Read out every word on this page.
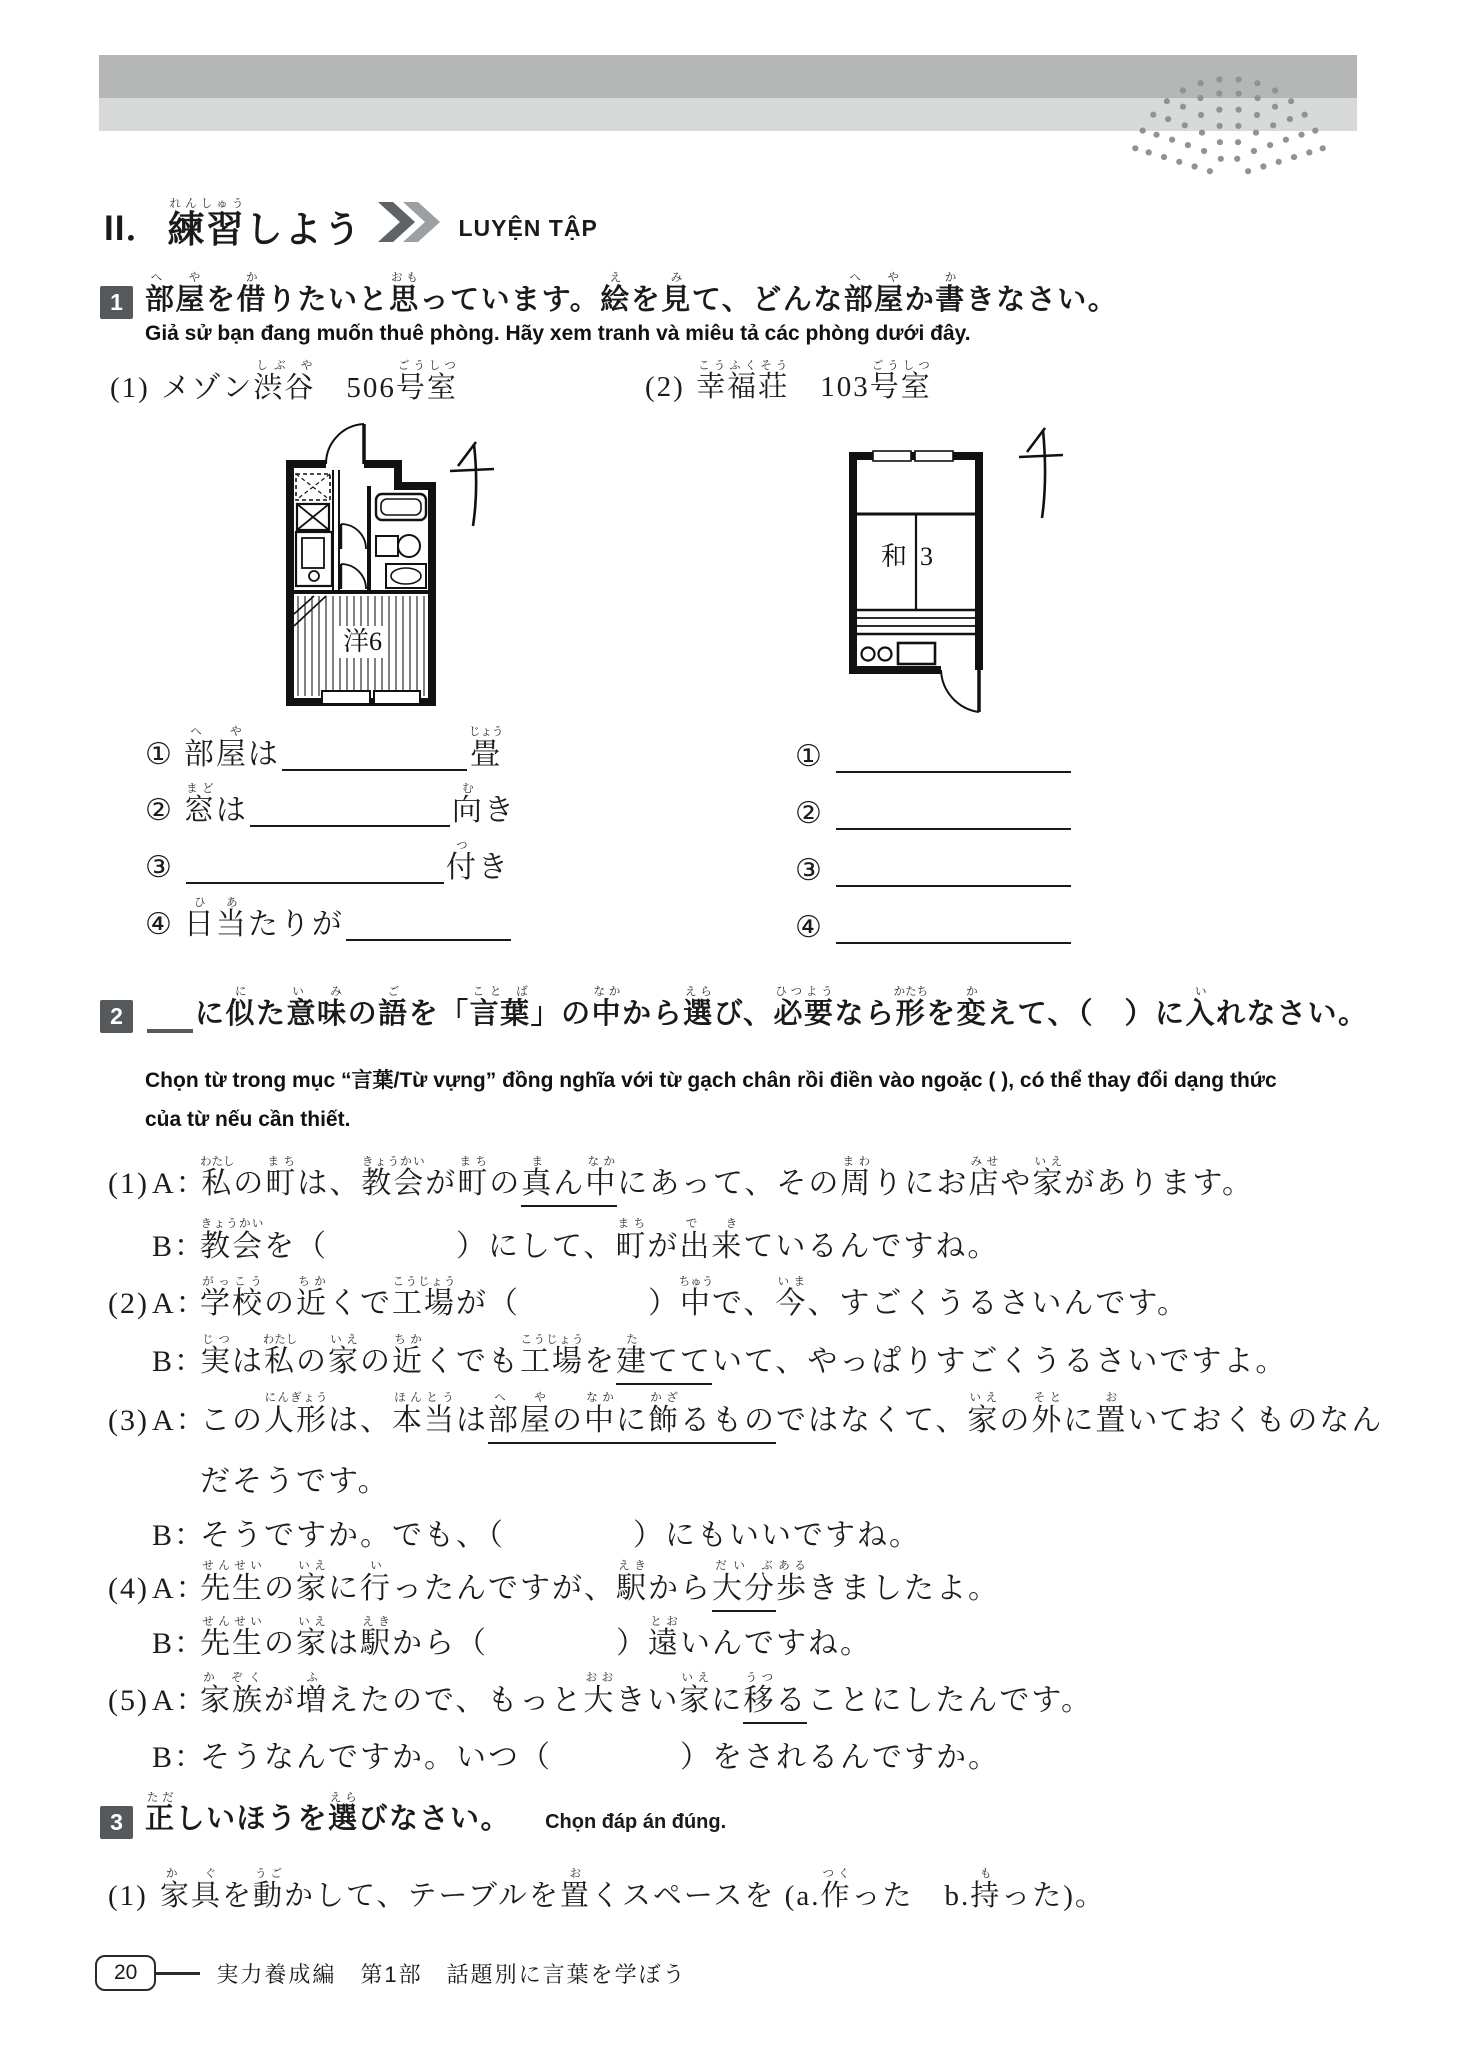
II． 練習れんしゅうしよう	LUYỆN TẬP
1 部屋へ やを借かりたいと思おもっています。絵えを見みて、どんな部屋へ やか書かきなさい。
Giả sử bạn đang muốn thuê phòng. Hãy xem tranh và miêu tả các phòng dưới đây.
(1) メゾン渋谷しぶ や　506号室ごうしつ
(2) 幸福荘こうふくそう　103号室ごうしつ
洋6
和3
① 部屋へ やは	畳じょう
② 窓まどは	向むき
③	付つき
④ 日ひ当あたりが
①
②
③
④
2	に似にた意味い みの語ごを「言葉こと ば」の中なかから選えらび、必要ひつようなら形かたちを変かえて、（　）に入いれなさい。
Chọn từ trong mục “言葉/Từ vựng” đồng nghĩa với từ gạch chân rồi điền vào ngoặc ( ), có thể thay đổi dạng thức của từ nếu cần thiết.
(1) A：私わたしの町まちは、教会きょうかいが町まちの真まん中なかにあって、その周まわりにお店みせや家いえがあります。
B：教会きょうかいを（　　　　）にして、町まちが出来で きているんですね。
(2) A：学校がっこうの近ちかくで工場こうじょうが（　　　　）中ちゅうで、今いま、すごくうるさいんです。
B：実じつは私わたしの家いえの近ちかくでも工場こうじょうを建たてていて、やっぱりすごくうるさいですよ。
(3) A：この人形にんぎょうは、本当ほんとうは部屋へ やの中なかに飾かざるものではなくて、家いえの外そとに置おいておくものなん
だそうです。
B：そうですか。でも、（　　　　）にもいいですね。
(4) A：先生せんせいの家いえに行いったんですが、駅えきから大分だい ぶ歩あるきましたよ。
B：先生せんせいの家いえは駅えきから（　　　　）遠とおいんですね。
(5) A：家族か ぞくが増ふえたので、もっと大おおきい家いえに移うつることにしたんです。
B：そうなんですか。いつ（　　　　）をされるんですか。
3 正ただしいほうを選えらびなさい。 Chọn đáp án đúng.
(1) 家具か ぐを動うごかして、テーブルを置おくスペースを (a.作つくった　b.持もった)。
20	実力養成編　第1部　話題別に言葉を学ぼう
